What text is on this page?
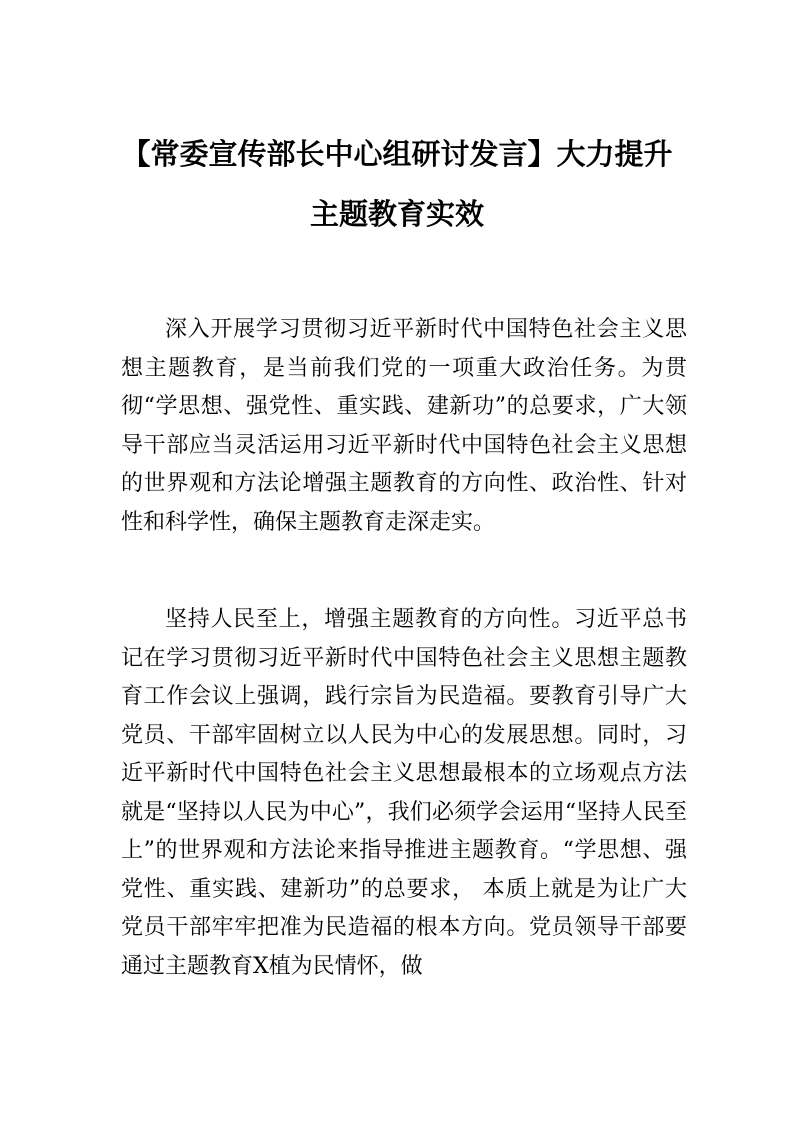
【常委宣传部长中心组研讨发言】大力提升
主题教育实效

深入开展学习贯彻习近平新时代中国特色社会主义思想主题教育，是当前我们党的一项重大政治任务。为贯彻“学思想、强党性、重实践、建新功”的总要求，广大领导干部应当灵活运用习近平新时代中国特色社会主义思想的世界观和方法论增强主题教育的方向性、政治性、针对性和科学性，确保主题教育走深走实。

坚持人民至上，增强主题教育的方向性。习近平总书记在学习贯彻习近平新时代中国特色社会主义思想主题教育工作会议上强调，践行宗旨为民造福。要教育引导广大党员、干部牢固树立以人民为中心的发展思想。同时，习近平新时代中国特色社会主义思想最根本的立场观点方法就是“坚持以人民为中心”，我们必须学会运用“坚持人民至上”的世界观和方法论来指导推进主题教育。“学思想、强党性、重实践、建新功”的总要求， 本质上就是为让广大党员干部牢牢把准为民造福的根本方向。党员领导干部要通过主题教育X植为民情怀，做
